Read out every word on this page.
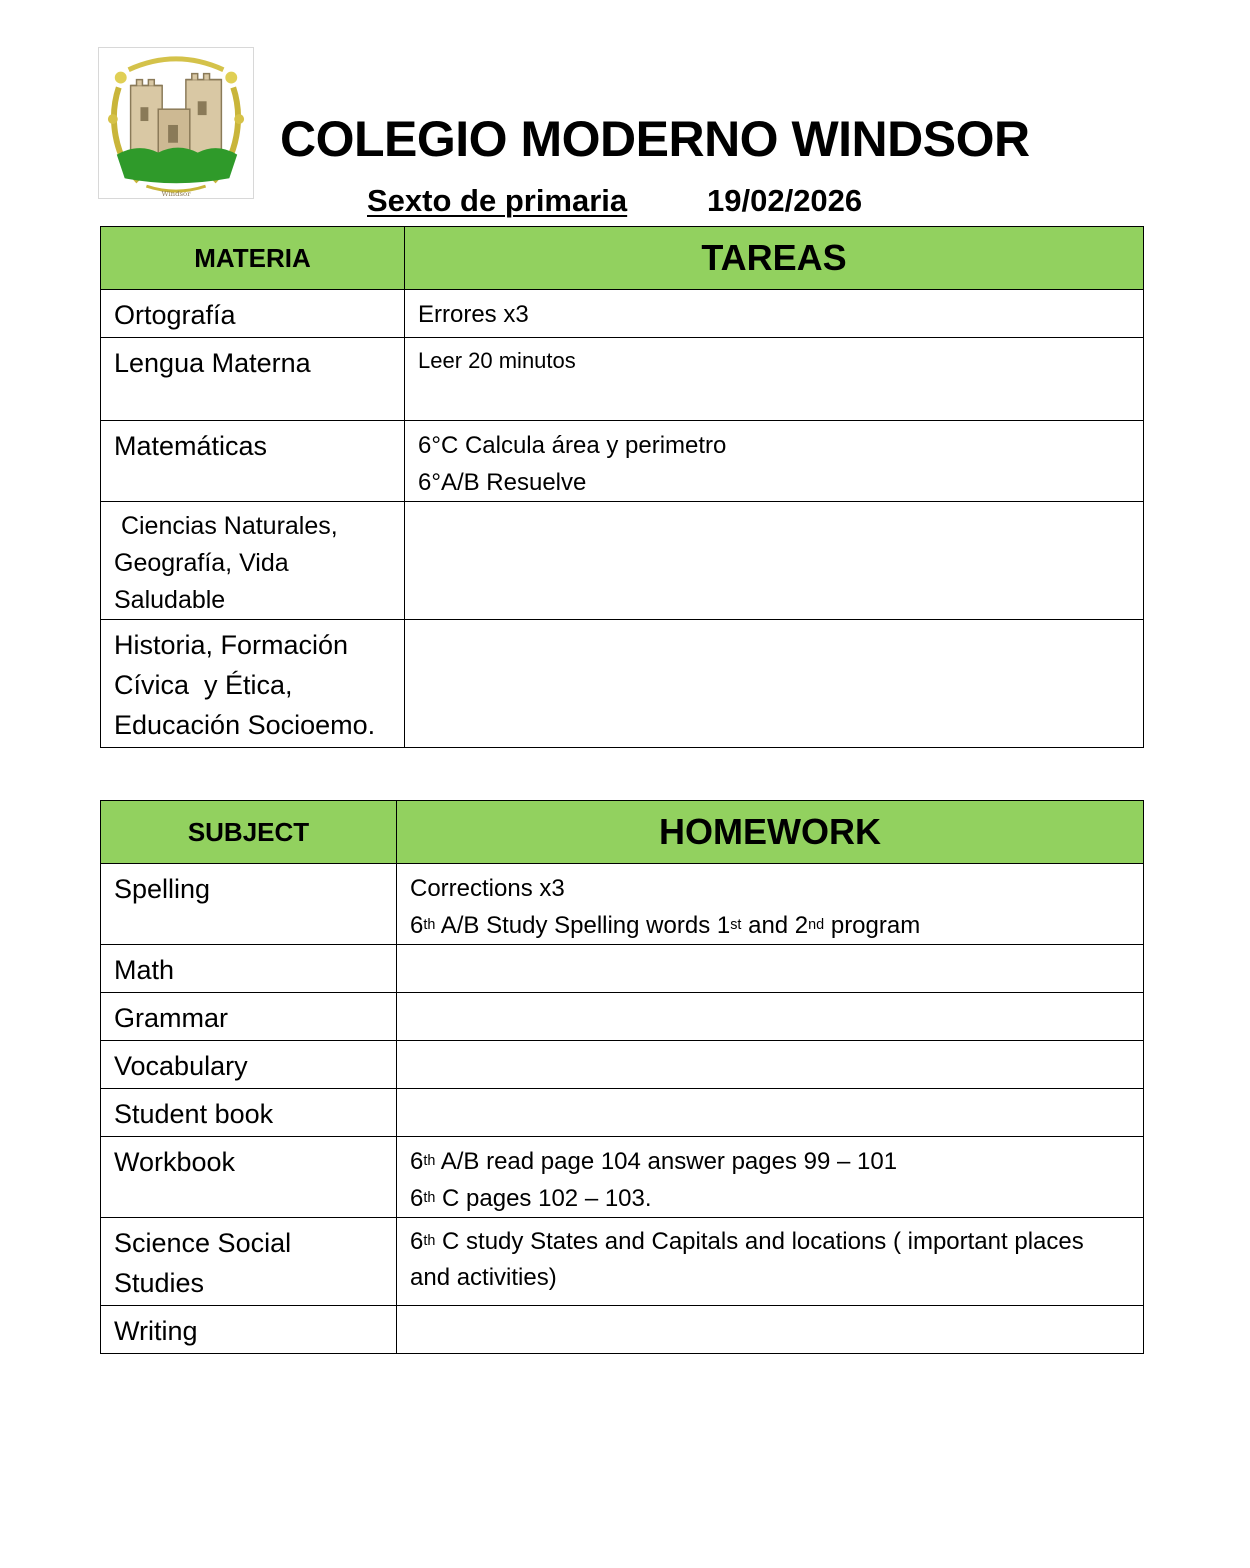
Windsor
COLEGIO MODERNO WINDSOR
Sexto de primaria	19/02/2026
MATERIA	TAREAS
Ortografía	Errores x3

Lengua Materna	Leer 20 minutos

Matemáticas	6°C Calcula área y perimetro
6°A/B Resuelve

Ciencias Naturales,
Geografía, Vida
Saludable	

Historia, Formación
Cívica  y Ética,
Educación Socioemo.	

SUBJECT	HOMEWORK
Spelling	Corrections x3
6th A/B Study Spelling words 1st and 2nd program

Math	
Grammar	
Vocabulary	
Student book	
Workbook	6th A/B read page 104 answer pages 99 – 101
6th C pages 102 – 103.

Science Social
Studies	6th C study States and Capitals and locations ( important places and activities)
Writing	
